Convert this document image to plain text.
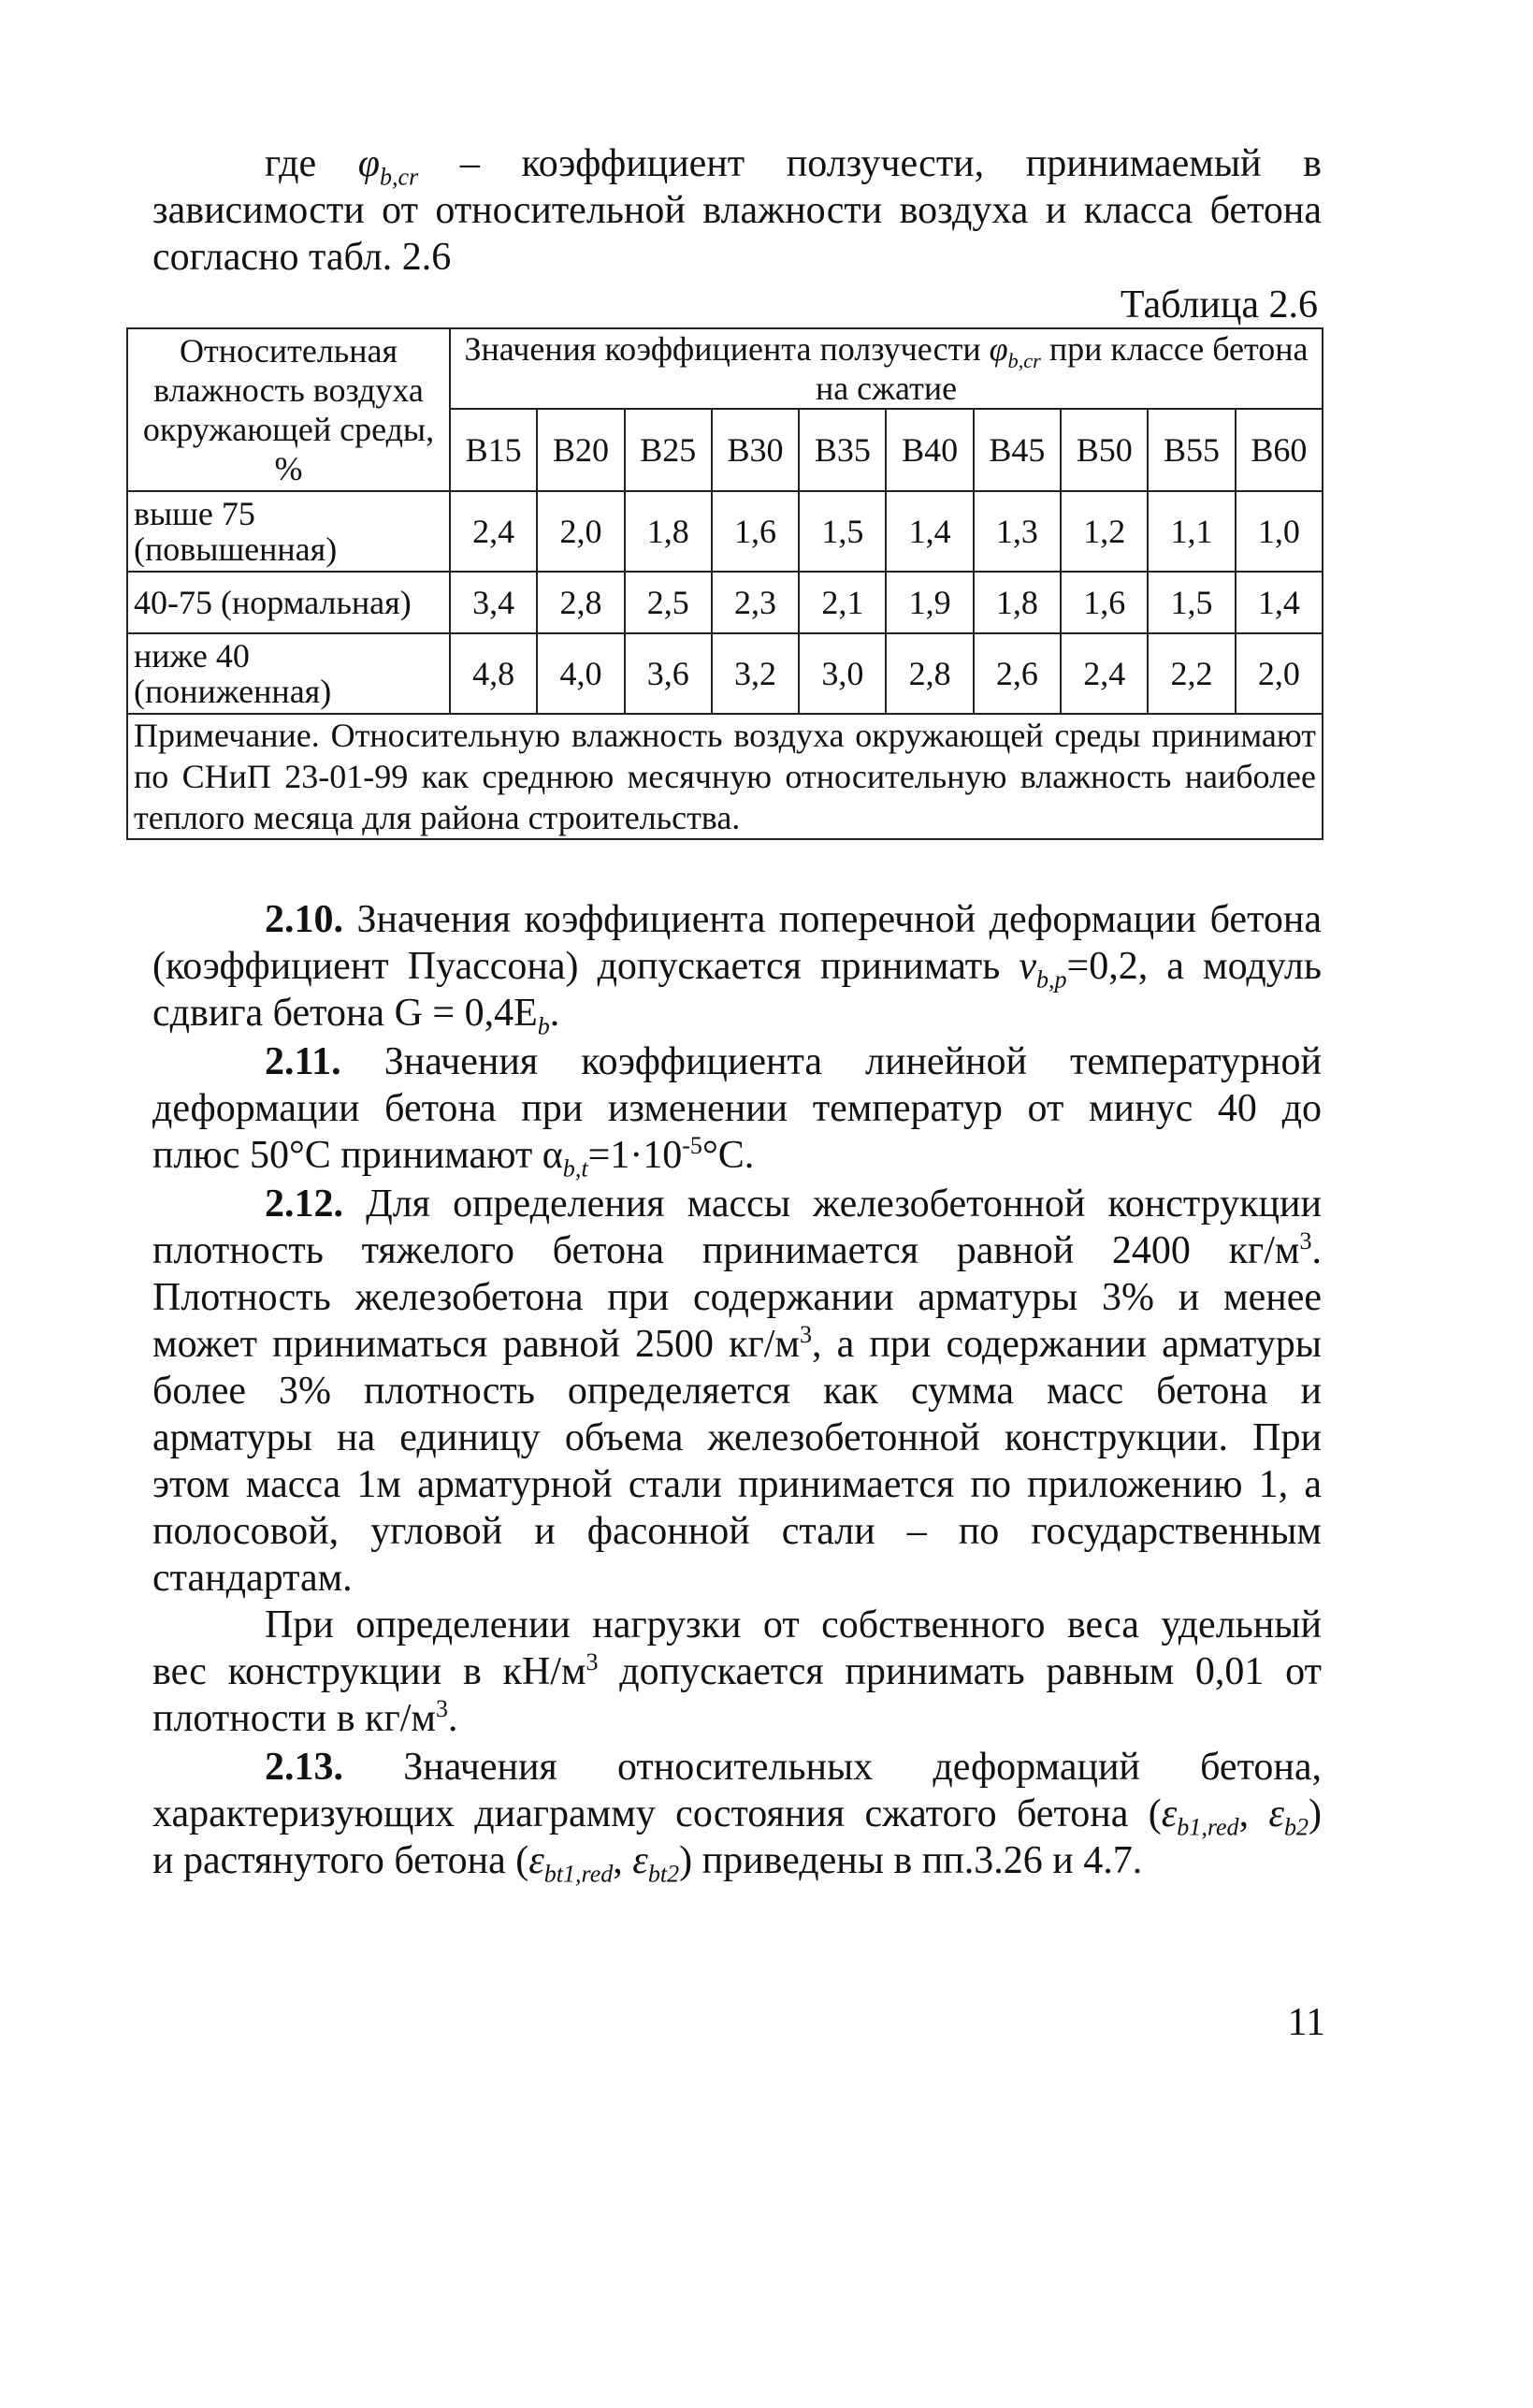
где $\varphi_{b,cr}$ – коэффициент ползучести, принимаемый в
зависимости от относительной влажности воздуха и класса бетона
согласно табл. 2.6
Таблица 2.6
Относительная влажность воздуха окружающей среды, %	Значения коэффициента ползучести $\varphi_{b,cr}$ при классе бетона на сжатие									
	B15	B20	B25	B30	B35	B40	B45	B50	B55	B60
выше 75 (повышенная)	2,4	2,0	1,8	1,6	1,5	1,4	1,3	1,2	1,1	1,0
40-75 (нормальная)	3,4	2,8	2,5	2,3	2,1	1,9	1,8	1,6	1,5	1,4
ниже 40 (пониженная)	4,8	4,0	3,6	3,2	3,0	2,8	2,6	2,4	2,2	2,0
Примечание. Относительную влажность воздуха окружающей среды принимают по СНиП 23-01-99 как среднюю месячную относительную влажность наиболее теплого месяца для района строительства.										
2.10. Значения коэффициента поперечной деформации бетона
(коэффициент Пуассона) допускается принимать $\nu_{b,p}=0,2$, а модуль
сдвига бетона $G = 0,4E_b$.
2.11. Значения коэффициента линейной температурной
деформации бетона при изменении температур от минус 40 до
плюс 50°С принимают $\alpha_{b,t}=1\cdot 10^{-5}^\circ С$.
2.12. Для определения массы железобетонной конструкции
плотность тяжелого бетона принимается равной 2400 $кг/м^3$.
Плотность железобетона при содержании арматуры 3% и менее
может приниматься равной 2500 $кг/м^3$, а при содержании арматуры
более 3% плотность определяется как сумма масс бетона и
арматуры на единицу объема железобетонной конструкции. При
этом масса 1м арматурной стали принимается по приложению 1, а
полосовой, угловой и фасонной стали – по государственным
стандартам.
При определении нагрузки от собственного веса удельный
вес конструкции в $кН/м^3$ допускается принимать равным 0,01 от
плотности в $кг/м^3$.
2.13. Значения относительных деформаций бетона,
характеризующих диаграмму состояния сжатого бетона ($\varepsilon_{b1,red}$, $\varepsilon_{b2}$)
и растянутого бетона ($\varepsilon_{bt1,red}$, $\varepsilon_{bt2}$) приведены в пп.3.26 и 4.7.
11
